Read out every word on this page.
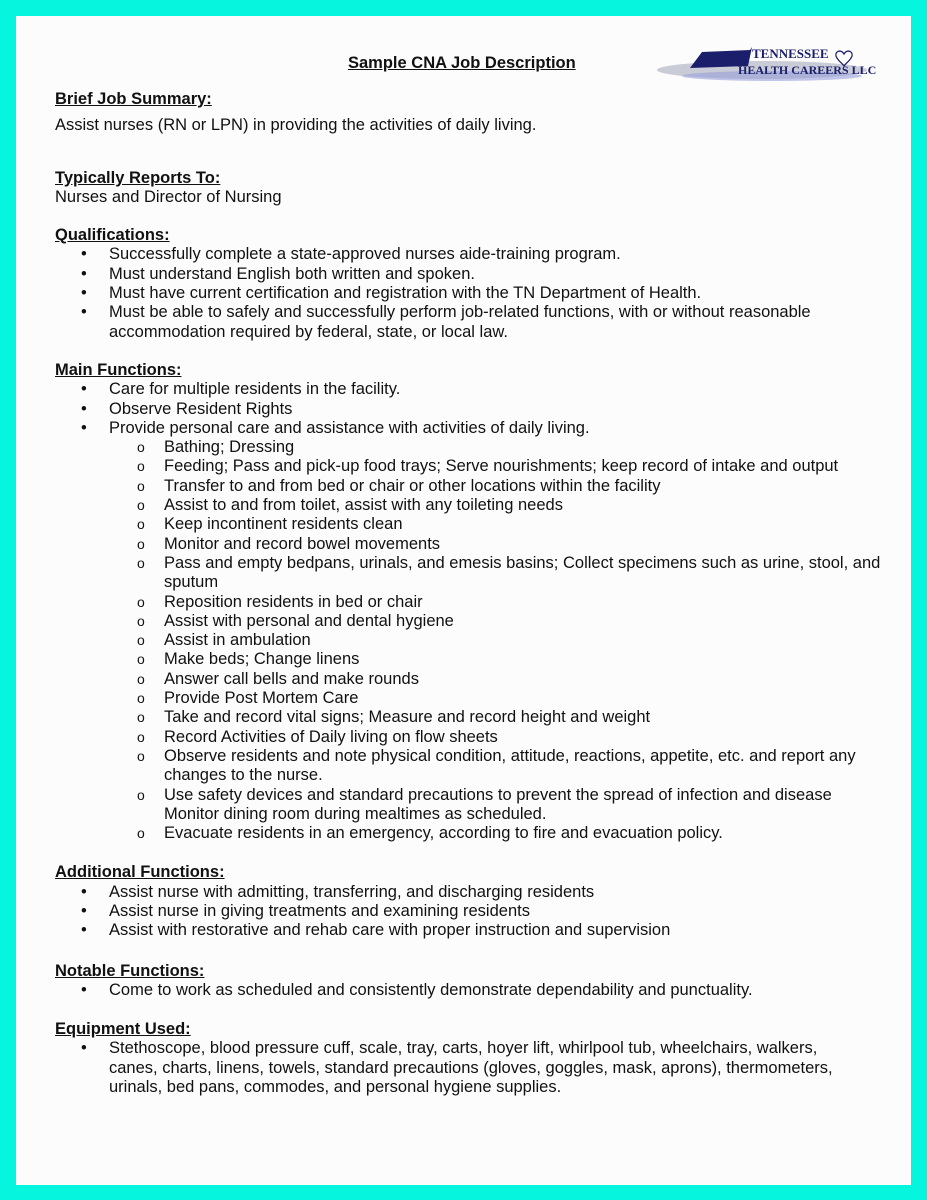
Sample CNA Job Description
TENNESSEE
HEALTH CAREERS LLC
Brief Job Summary:
Assist nurses (RN or LPN) in providing the activities of daily living.
Typically Reports To:
Nurses and Director of Nursing
Qualifications:
• Successfully complete a state-approved nurses aide-training program.
• Must understand English both written and spoken.
• Must have current certification and registration with the TN Department of Health.
• Must be able to safely and successfully perform job-related functions, with or without reasonable accommodation required by federal, state, or local law.
Main Functions:
• Care for multiple residents in the facility.
• Observe Resident Rights
• Provide personal care and assistance with activities of daily living.
o Bathing; Dressing
o Feeding; Pass and pick-up food trays; Serve nourishments; keep record of intake and output
o Transfer to and from bed or chair or other locations within the facility
o Assist to and from toilet, assist with any toileting needs
o Keep incontinent residents clean
o Monitor and record bowel movements
o Pass and empty bedpans, urinals, and emesis basins; Collect specimens such as urine, stool, and sputum
o Reposition residents in bed or chair
o Assist with personal and dental hygiene
o Assist in ambulation
o Make beds; Change linens
o Answer call bells and make rounds
o Provide Post Mortem Care
o Take and record vital signs; Measure and record height and weight
o Record Activities of Daily living on flow sheets
o Observe residents and note physical condition, attitude, reactions, appetite, etc. and report any changes to the nurse.
o Use safety devices and standard precautions to prevent the spread of infection and disease Monitor dining room during mealtimes as scheduled.
o Evacuate residents in an emergency, according to fire and evacuation policy.
Additional Functions:
• Assist nurse with admitting, transferring, and discharging residents
• Assist nurse in giving treatments and examining residents
• Assist with restorative and rehab care with proper instruction and supervision
Notable Functions:
• Come to work as scheduled and consistently demonstrate dependability and punctuality.
Equipment Used:
• Stethoscope, blood pressure cuff, scale, tray, carts, hoyer lift, whirlpool tub, wheelchairs, walkers, canes, charts, linens, towels, standard precautions (gloves, goggles, mask, aprons), thermometers, urinals, bed pans, commodes, and personal hygiene supplies.
